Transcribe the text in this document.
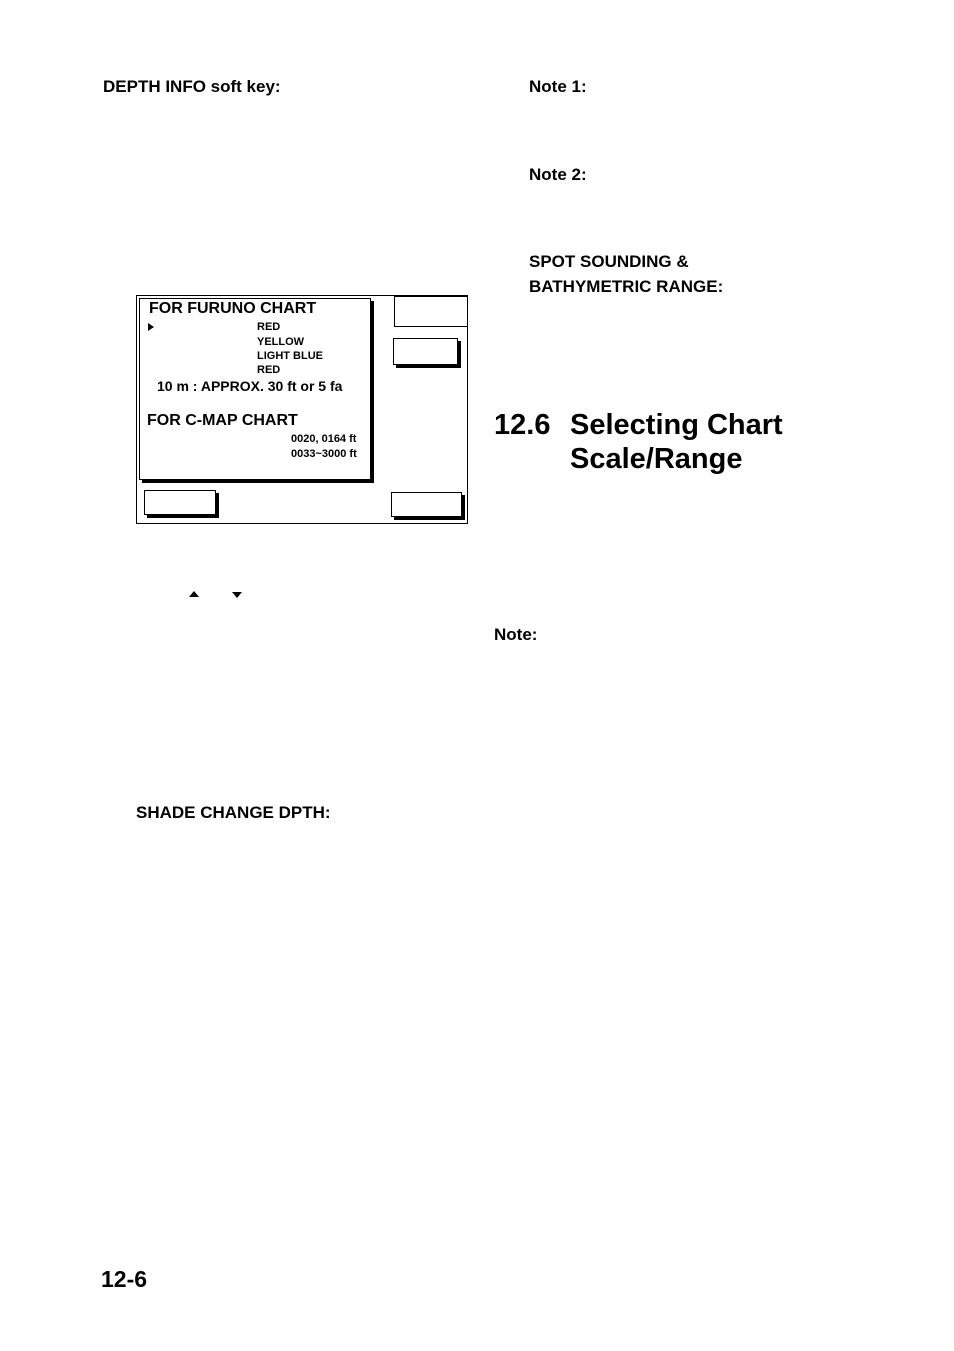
DEPTH INFO soft key:
FOR FURUNO CHART
RED
YELLOW
LIGHT BLUE
RED
10 m : APPROX. 30 ft or 5 fa
FOR C-MAP CHART
0020, 0164 ft
0033~3000 ft
SHADE CHANGE DPTH:
Note 1:
Note 2:
SPOT SOUNDING &
BATHYMETRIC RANGE:
12.6 Selecting Chart
Scale/Range
Note:
12-6
